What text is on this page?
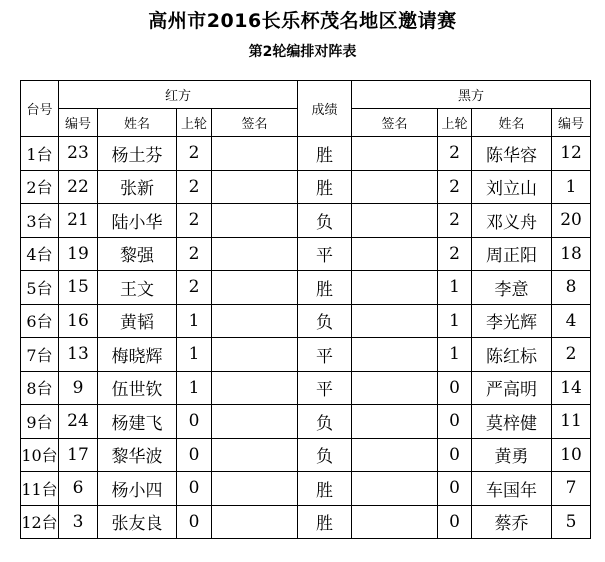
高州市2016长乐杯茂名地区邀请赛
第2轮编排对阵表
台号	红方				成绩	黑方			
	编号	姓名	上轮	签名		签名	上轮	姓名	编号
1台	23	杨土芬	2		胜		2	陈华容	12
2台	22	张新	2		胜		2	刘立山	1
3台	21	陆小华	2		负		2	邓义舟	20
4台	19	黎强	2		平		2	周正阳	18
5台	15	王文	2		胜		1	李意	8
6台	16	黄韬	1		负		1	李光辉	4
7台	13	梅晓辉	1		平		1	陈红标	2
8台	9	伍世钦	1		平		0	严高明	14
9台	24	杨建飞	0		负		0	莫梓健	11
10台	17	黎华波	0		负		0	黄勇	10
11台	6	杨小四	0		胜		0	车国年	7
12台	3	张友良	0		胜		0	蔡乔	5
